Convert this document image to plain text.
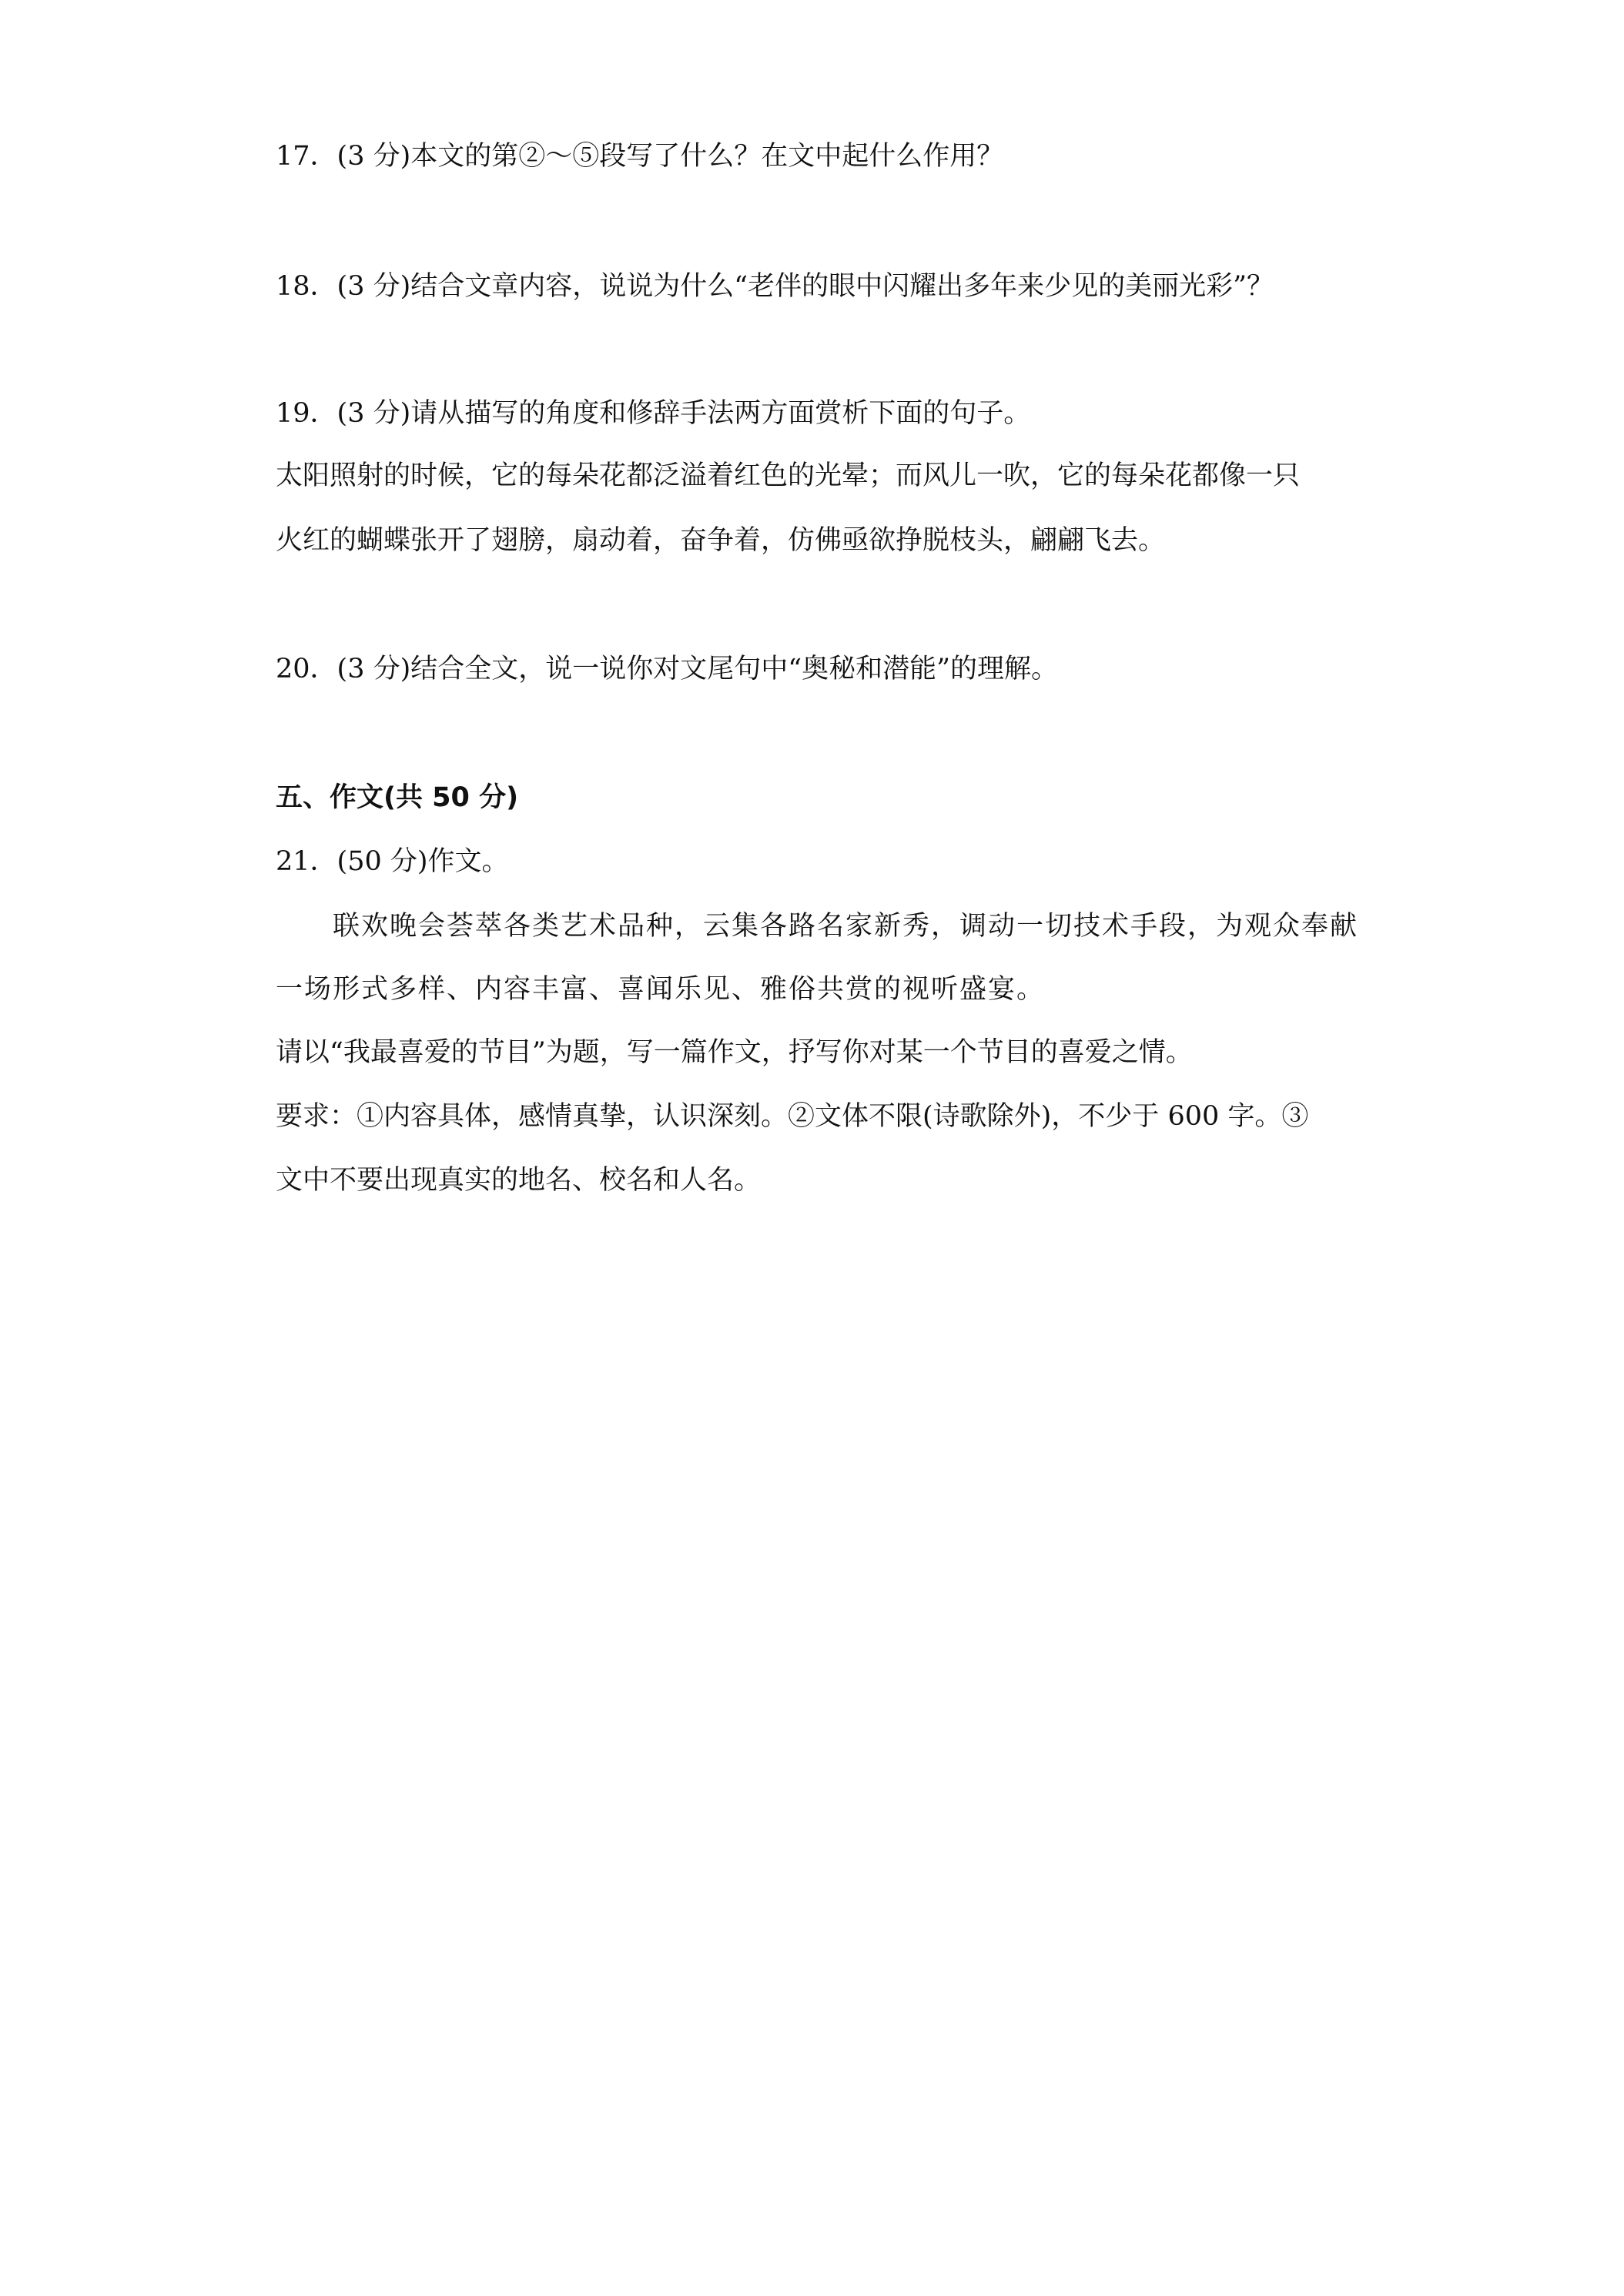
17．(3 分)本文的第②～⑤段写了什么？在文中起什么作用？
18．(3 分)结合文章内容，说说为什么“老伴的眼中闪耀出多年来少见的美丽光彩”？
19．(3 分)请从描写的角度和修辞手法两方面赏析下面的句子。
太阳照射的时候，它的每朵花都泛溢着红色的光晕；而风儿一吹，它的每朵花都像一只
火红的蝴蝶张开了翅膀，扇动着，奋争着，仿佛亟欲挣脱枝头，翩翩飞去。
20．(3 分)结合全文，说一说你对文尾句中“奥秘和潜能”的理解。
五、作文(共 50 分)
21．(50 分)作文。
联欢晚会荟萃各类艺术品种，云集各路名家新秀，调动一切技术手段，为观众奉献
一场形式多样、内容丰富、喜闻乐见、雅俗共赏的视听盛宴。
请以“我最喜爱的节目”为题，写一篇作文，抒写你对某一个节目的喜爱之情。
要求：①内容具体，感情真挚，认识深刻。②文体不限(诗歌除外)，不少于 600 字。③
文中不要出现真实的地名、校名和人名。
